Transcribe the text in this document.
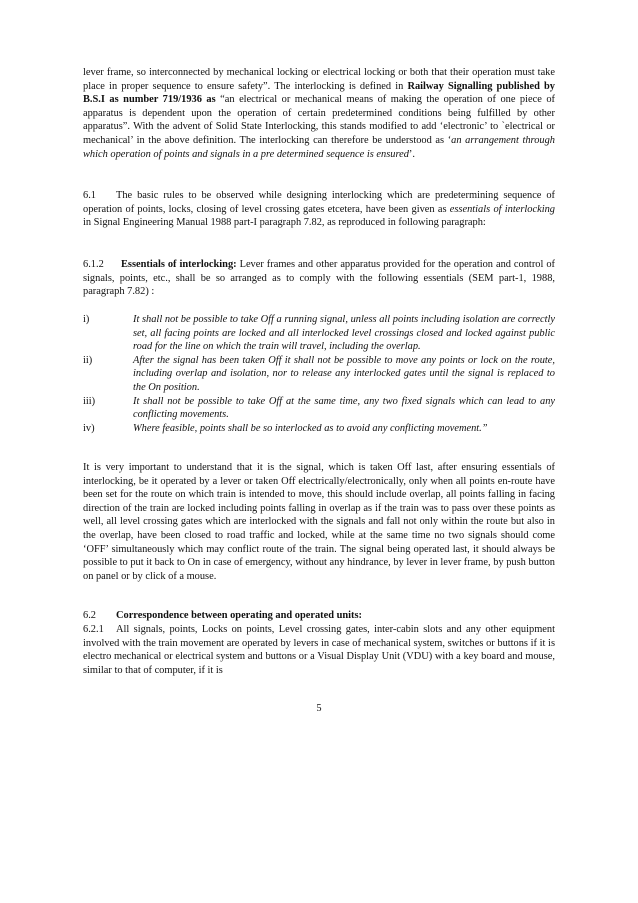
lever frame, so interconnected by mechanical locking or electrical locking or both that their operation must take place in proper sequence to ensure safety”. The interlocking is defined in Railway Signalling published by B.S.I as number 719/1936 as “an electrical or mechanical means of making the operation of one piece of apparatus is dependent upon the operation of certain predetermined conditions being fulfilled by other apparatus”. With the advent of Solid State Interlocking, this stands modified to add ‘electronic’ to `electrical or mechanical’ in the above definition. The interlocking can therefore be understood as ‘an arrangement through which operation of points and signals in a pre determined sequence is ensured’.

6.1 The basic rules to be observed while designing interlocking which are predetermining sequence of operation of points, locks, closing of level crossing gates etcetera, have been given as essentials of interlocking in Signal Engineering Manual 1988 part-I paragraph 7.82, as reproduced in following paragraph:

6.1.2 Essentials of interlocking: Lever frames and other apparatus provided for the operation and control of signals, points, etc., shall be so arranged as to comply with the following essentials (SEM part-1, 1988, paragraph 7.82) :

i)	It shall not be possible to take Off a running signal, unless all points including isolation are correctly set, all facing points are locked and all interlocked level crossings closed and locked against public road for the line on which the train will travel, including the overlap.
ii)	After the signal has been taken Off it shall not be possible to move any points or lock on the route, including overlap and isolation, nor to release any interlocked gates until the signal is replaced to the On position.
iii)	It shall not be possible to take Off at the same time, any two fixed signals which can lead to any conflicting movements.
iv)	Where feasible, points shall be so interlocked as to avoid any conflicting movement.”

It is very important to understand that it is the signal, which is taken Off last, after ensuring essentials of interlocking, be it operated by a lever or taken Off electrically/electronically, only when all points en-route have been set for the route on which train is intended to move, this should include overlap, all points falling in facing direction of the train are locked including points falling in overlap as if the train was to pass over these points as well, all level crossing gates which are interlocked with the signals and fall not only within the route but also in the overlap, have been closed to road traffic and locked, while at the same time no two signals should come ‘OFF’ simultaneously which may conflict route of the train. The signal being operated last, it should always be possible to put it back to On in case of emergency, without any hindrance, by lever in lever frame, by push button on panel or by click of a mouse.

6.2 Correspondence between operating and operated units:

6.2.1 All signals, points, Locks on points, Level crossing gates, inter-cabin slots and any other equipment involved with the train movement are operated by levers in case of mechanical system, switches or buttons if it is electro mechanical or electrical system and buttons or a Visual Display Unit (VDU) with a key board and mouse, similar to that of computer, if it is

5
